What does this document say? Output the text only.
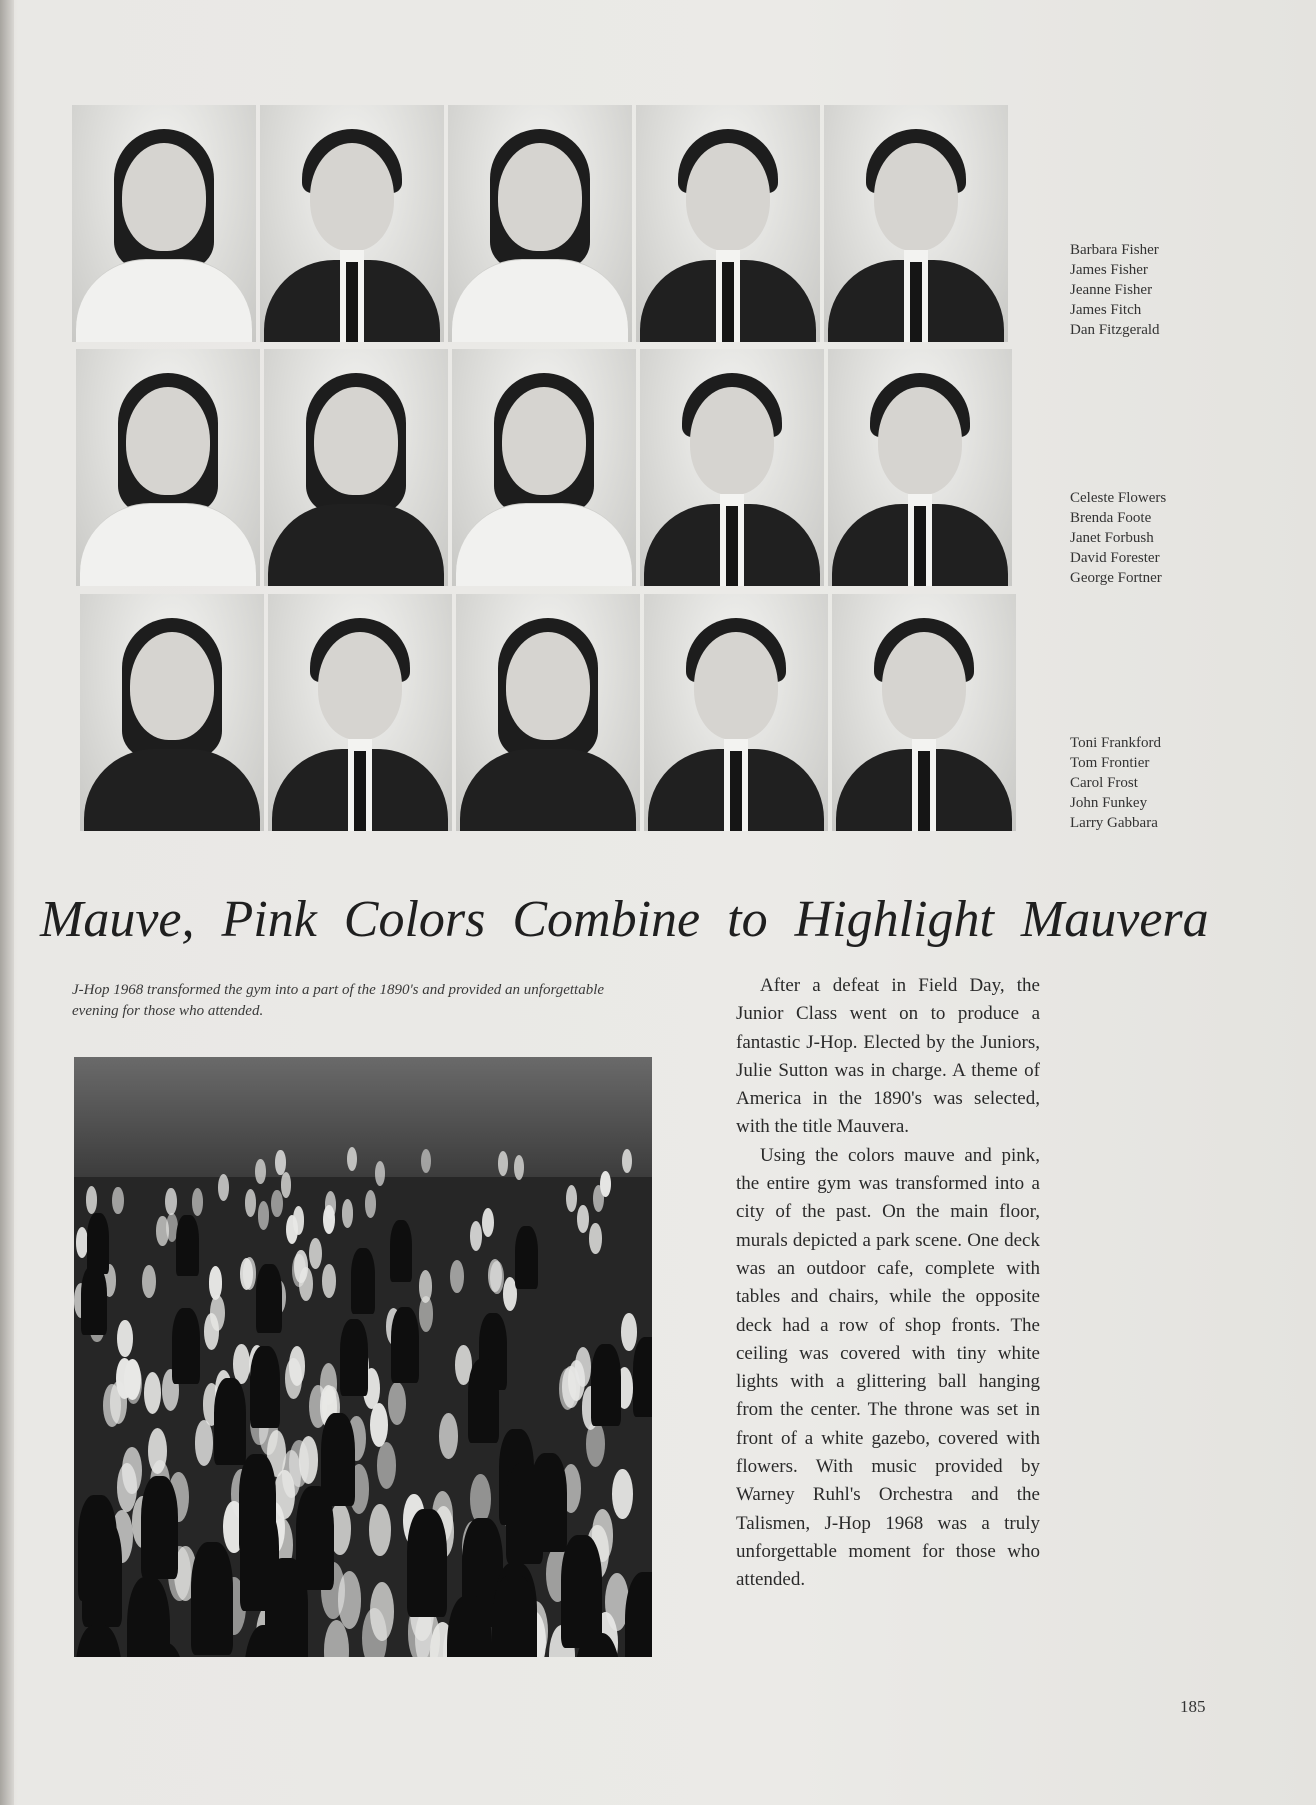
Barbara Fisher
James Fisher
Jeanne Fisher
James Fitch
Dan Fitzgerald
Celeste Flowers
Brenda Foote
Janet Forbush
David Forester
George Fortner
Toni Frankford
Tom Frontier
Carol Frost
John Funkey
Larry Gabbara
Mauve, Pink Colors Combine to Highlight Mauvera
J-Hop 1968 transformed the gym into a part of the 1890's and provided an unforgettable evening for those who attended.

After a defeat in Field Day, the Junior Class went on to produce a fantastic J-Hop. Elected by the Juniors, Julie Sutton was in charge. A theme of America in the 1890's was selected, with the title Mauvera.

Using the colors mauve and pink, the entire gym was transformed into a city of the past. On the main floor, murals depicted a park scene. One deck was an outdoor cafe, complete with tables and chairs, while the opposite deck had a row of shop fronts. The ceiling was covered with tiny white lights with a glittering ball hanging from the center. The throne was set in front of a white gazebo, covered with flowers. With music provided by Warney Ruhl's Orchestra and the Talismen, J-Hop 1968 was a truly unforgettable moment for those who attended.

185
